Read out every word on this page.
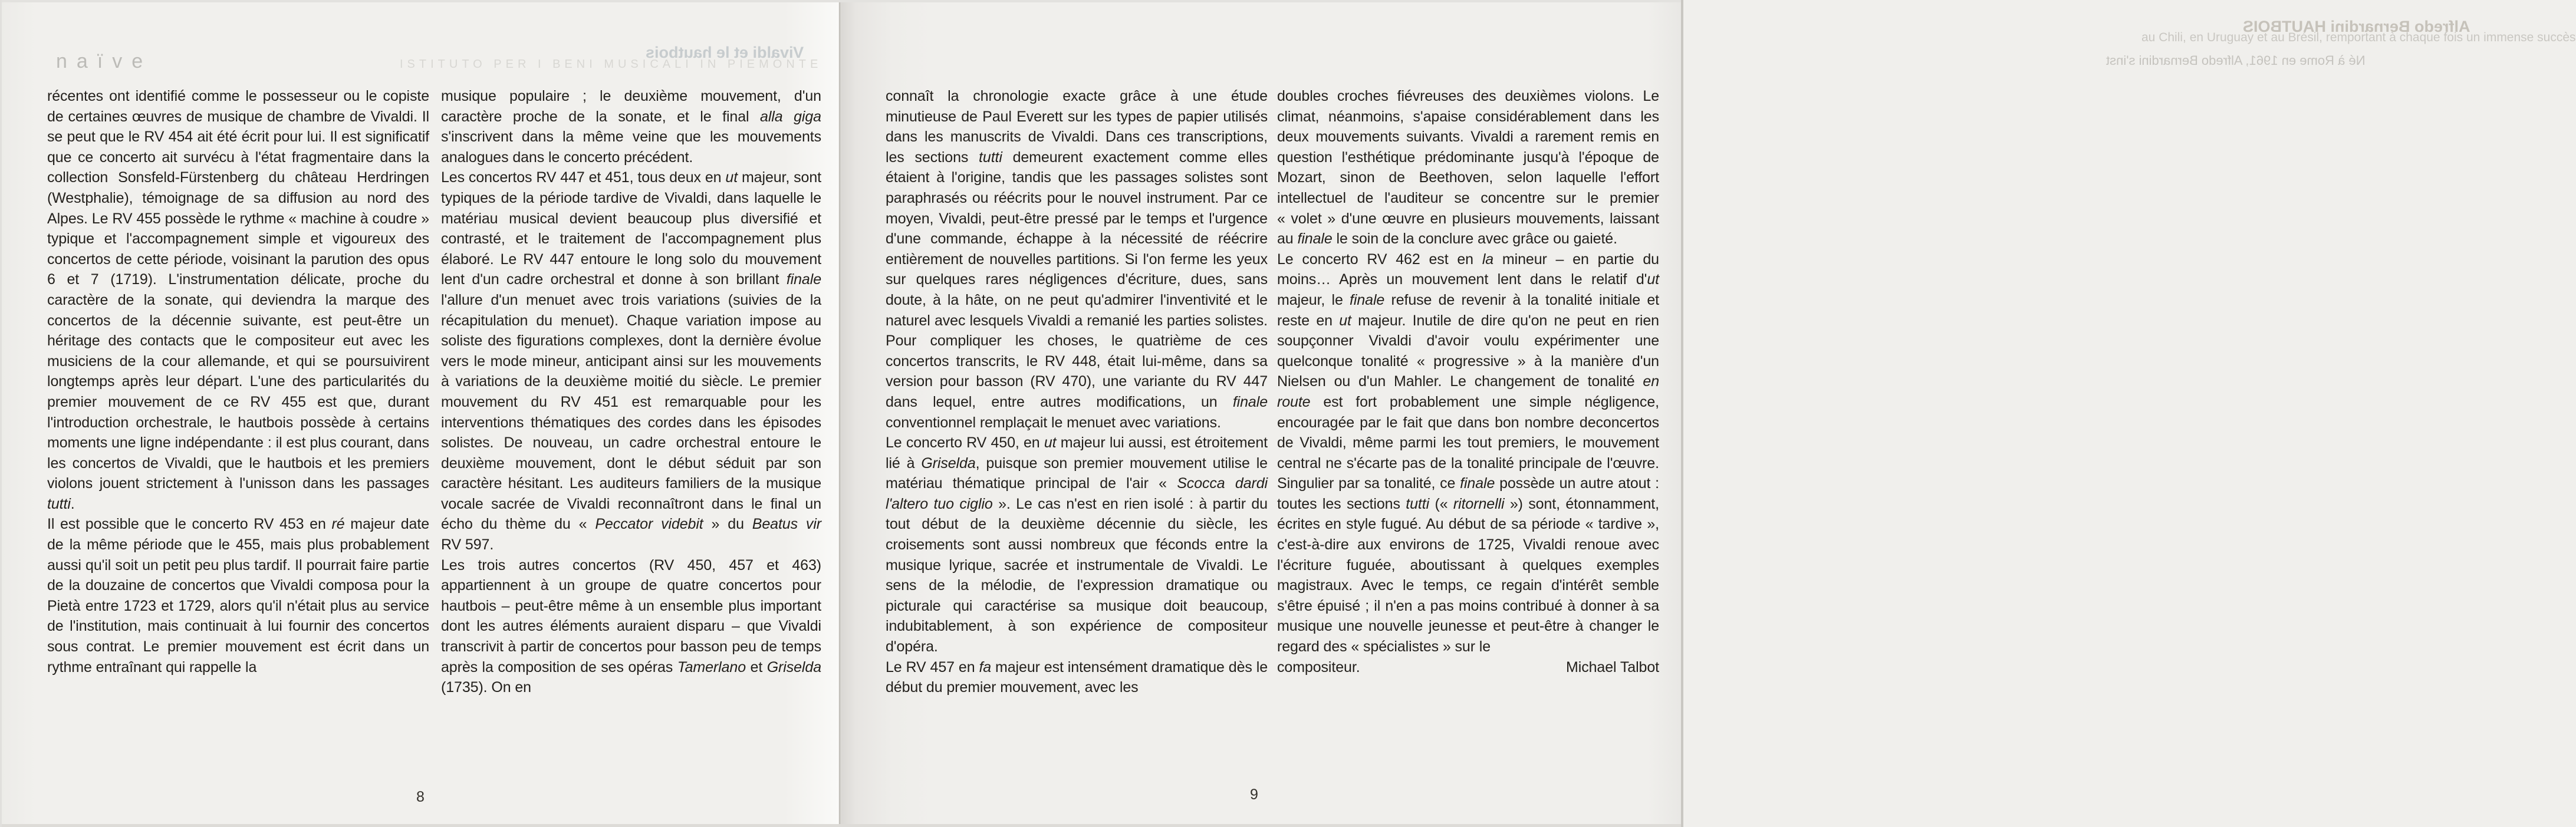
naïve	ISTITUTO PER I BENI MUSICALI IN PIEMONTE
Vivaldi et le hautbois
Alfredo Bernardini HAUTBOIS
au Chili, en Uruguay et au Brésil, remportant à chaque fois un immense succès
Né à Rome en 1961, Alfredo Bernardini s'inst

récentes ont identifié comme le possesseur ou le copiste de certaines œuvres de musique de chambre de Vivaldi. Il se peut que le RV 454 ait été écrit pour lui. Il est significatif que ce concerto ait survécu à l'état fragmentaire dans la collection Sonsfeld-Fürstenberg du château Herdringen (Westphalie), témoignage de sa diffusion au nord des Alpes. Le RV 455 possède le rythme « machine à coudre » typique et l'accompagnement simple et vigoureux des concertos de cette période, voisinant la parution des opus 6 et 7 (1719). L'instrumentation délicate, proche du caractère de la sonate, qui deviendra la marque des concertos de la décennie suivante, est peut-être un héritage des contacts que le compositeur eut avec les musiciens de la cour allemande, et qui se poursuivirent longtemps après leur départ. L'une des particularités du premier mouvement de ce RV 455 est que, durant l'introduction orchestrale, le hautbois possède à certains moments une ligne indépendante : il est plus courant, dans les concertos de Vivaldi, que le hautbois et les premiers violons jouent strictement à l'unisson dans les passages tutti.

Il est possible que le concerto RV 453 en ré majeur date de la même période que le 455, mais plus probablement aussi qu'il soit un petit peu plus tardif. Il pourrait faire partie de la douzaine de concertos que Vivaldi composa pour la Pietà entre 1723 et 1729, alors qu'il n'était plus au service de l'institution, mais continuait à lui fournir des concertos sous contrat. Le premier mouvement est écrit dans un rythme entraînant qui rappelle la

musique populaire ; le deuxième mouvement, d'un caractère proche de la sonate, et le final alla giga s'inscrivent dans la même veine que les mouvements analogues dans le concerto précédent.

Les concertos RV 447 et 451, tous deux en ut majeur, sont typiques de la période tardive de Vivaldi, dans laquelle le matériau musical devient beaucoup plus diversifié et contrasté, et le traitement de l'accompagnement plus élaboré. Le RV 447 entoure le long solo du mouvement lent d'un cadre orchestral et donne à son brillant finale l'allure d'un menuet avec trois variations (suivies de la récapitulation du menuet). Chaque variation impose au soliste des figurations complexes, dont la dernière évolue vers le mode mineur, anticipant ainsi sur les mouvements à variations de la deuxième moitié du siècle. Le premier mouvement du RV 451 est remarquable pour les interventions thématiques des cordes dans les épisodes solistes. De nouveau, un cadre orchestral entoure le deuxième mouvement, dont le début séduit par son caractère hésitant. Les auditeurs familiers de la musique vocale sacrée de Vivaldi reconnaîtront dans le final un écho du thème du « Peccator videbit » du Beatus vir RV 597.

Les trois autres concertos (RV 450, 457 et 463) appartiennent à un groupe de quatre concertos pour hautbois – peut-être même à un ensemble plus important dont les autres éléments auraient disparu – que Vivaldi transcrivit à partir de concertos pour basson peu de temps après la composition de ses opéras Tamerlano et Griselda (1735). On en

connaît la chronologie exacte grâce à une étude minutieuse de Paul Everett sur les types de papier utilisés dans les manuscrits de Vivaldi. Dans ces transcriptions, les sections tutti demeurent exactement comme elles étaient à l'origine, tandis que les passages solistes sont paraphrasés ou réécrits pour le nouvel instrument. Par ce moyen, Vivaldi, peut-être pressé par le temps et l'urgence d'une commande, échappe à la nécessité de réécrire entièrement de nouvelles partitions. Si l'on ferme les yeux sur quelques rares négligences d'écriture, dues, sans doute, à la hâte, on ne peut qu'admirer l'inventivité et le naturel avec lesquels Vivaldi a remanié les parties solistes. Pour compliquer les choses, le quatrième de ces concertos transcrits, le RV 448, était lui-même, dans sa version pour basson (RV 470), une variante du RV 447 dans lequel, entre autres modifications, un finale conventionnel remplaçait le menuet avec variations.

Le concerto RV 450, en ut majeur lui aussi, est étroitement lié à Griselda, puisque son premier mouvement utilise le matériau thématique principal de l'air « Scocca dardi l'altero tuo ciglio ». Le cas n'est en rien isolé : à partir du tout début de la deuxième décennie du siècle, les croisements sont aussi nombreux que féconds entre la musique lyrique, sacrée et instrumentale de Vivaldi. Le sens de la mélodie, de l'expression dramatique ou picturale qui caractérise sa musique doit beaucoup, indubitablement, à son expérience de compositeur d'opéra.

Le RV 457 en fa majeur est intensément dramatique dès le début du premier mouvement, avec les

doubles croches fiévreuses des deuxièmes violons. Le climat, néanmoins, s'apaise considérablement dans les deux mouvements suivants. Vivaldi a rarement remis en question l'esthétique prédominante jusqu'à l'époque de Mozart, sinon de Beethoven, selon laquelle l'effort intellectuel de l'auditeur se concentre sur le premier « volet » d'une œuvre en plusieurs mouvements, laissant au finale le soin de la conclure avec grâce ou gaieté.

Le concerto RV 462 est en la mineur – en partie du moins… Après un mouvement lent dans le relatif d'ut majeur, le finale refuse de revenir à la tonalité initiale et reste en ut majeur. Inutile de dire qu'on ne peut en rien soupçonner Vivaldi d'avoir voulu expérimenter une quelconque tonalité « progressive » à la manière d'un Nielsen ou d'un Mahler. Le changement de tonalité en route est fort probablement une simple négligence, encouragée par le fait que dans bon nombre deconcertos de Vivaldi, même parmi les tout premiers, le mouvement central ne s'écarte pas de la tonalité principale de l'œuvre. Singulier par sa tonalité, ce finale possède un autre atout : toutes les sections tutti (« ritornelli ») sont, étonnamment, écrites en style fugué. Au début de sa période « tardive », c'est-à-dire aux environs de 1725, Vivaldi renoue avec l'écriture fuguée, aboutissant à quelques exemples magistraux. Avec le temps, ce regain d'intérêt semble s'être épuisé ; il n'en a pas moins contribué à donner à sa musique une nouvelle jeunesse et peut-être à changer le regard des « spécialistes » sur le

compositeur.	Michael Talbot
8	9
